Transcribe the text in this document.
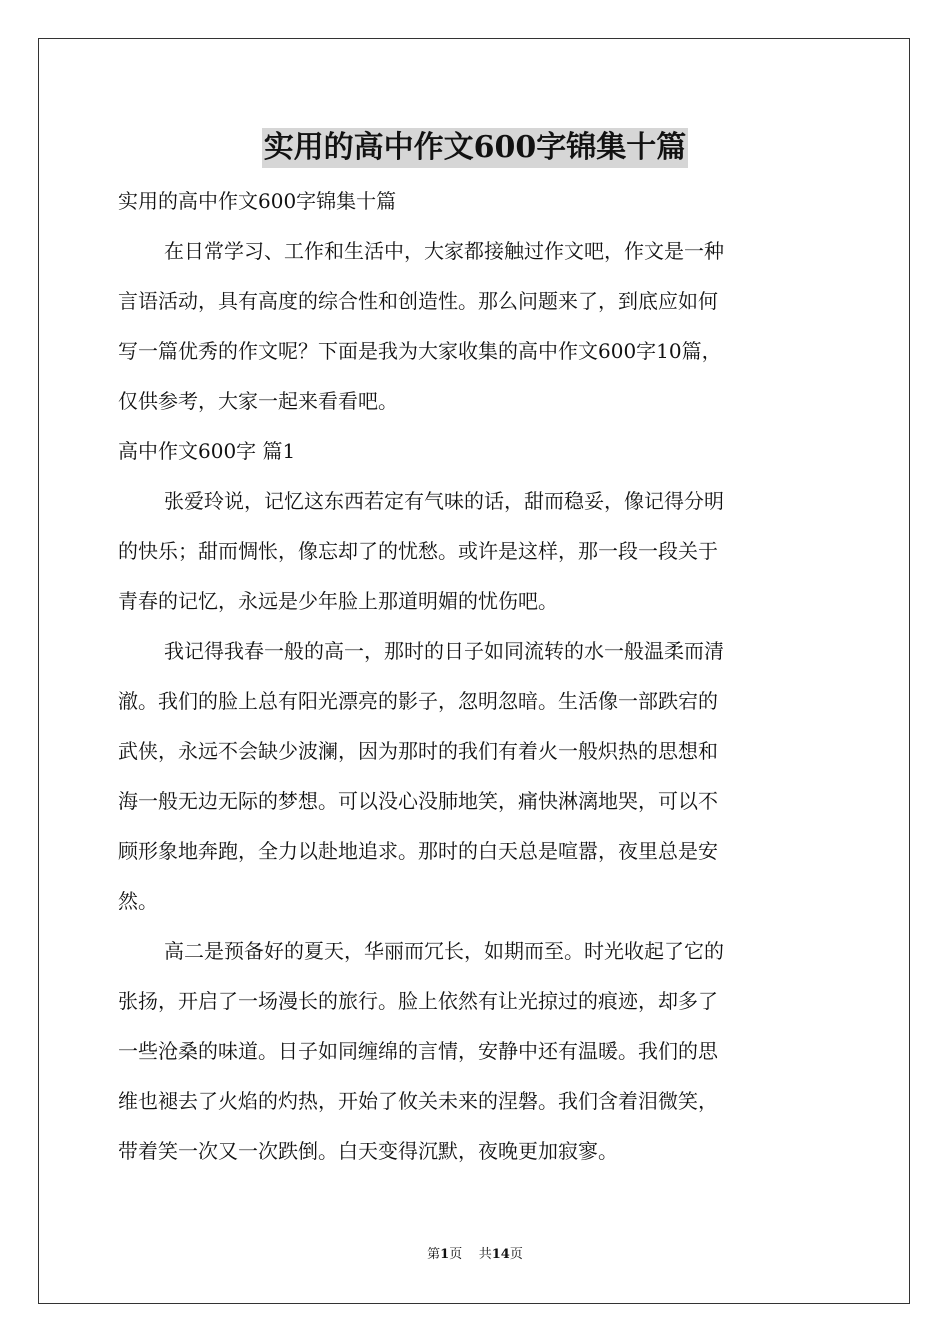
实用的高中作文600字锦集十篇
实用的高中作文600字锦集十篇
在日常学习、工作和生活中，大家都接触过作文吧，作文是一种
言语活动，具有高度的综合性和创造性。那么问题来了，到底应如何
写一篇优秀的作文呢？下面是我为大家收集的高中作文600字10篇，
仅供参考，大家一起来看看吧。
高中作文600字 篇1
张爱玲说，记忆这东西若定有气味的话，甜而稳妥，像记得分明
的快乐；甜而惆怅，像忘却了的忧愁。或许是这样，那一段一段关于
青春的记忆，永远是少年脸上那道明媚的忧伤吧。
我记得我春一般的高一，那时的日子如同流转的水一般温柔而清
澈。我们的脸上总有阳光漂亮的影子，忽明忽暗。生活像一部跌宕的
武侠，永远不会缺少波澜，因为那时的我们有着火一般炽热的思想和
海一般无边无际的梦想。可以没心没肺地笑，痛快淋漓地哭，可以不
顾形象地奔跑，全力以赴地追求。那时的白天总是喧嚣，夜里总是安
然。
高二是预备好的夏天，华丽而冗长，如期而至。时光收起了它的
张扬，开启了一场漫长的旅行。脸上依然有让光掠过的痕迹，却多了
一些沧桑的味道。日子如同缠绵的言情，安静中还有温暖。我们的思
维也褪去了火焰的灼热，开始了攸关未来的涅磐。我们含着泪微笑，
带着笑一次又一次跌倒。白天变得沉默，夜晚更加寂寥。
第1页 共14页
